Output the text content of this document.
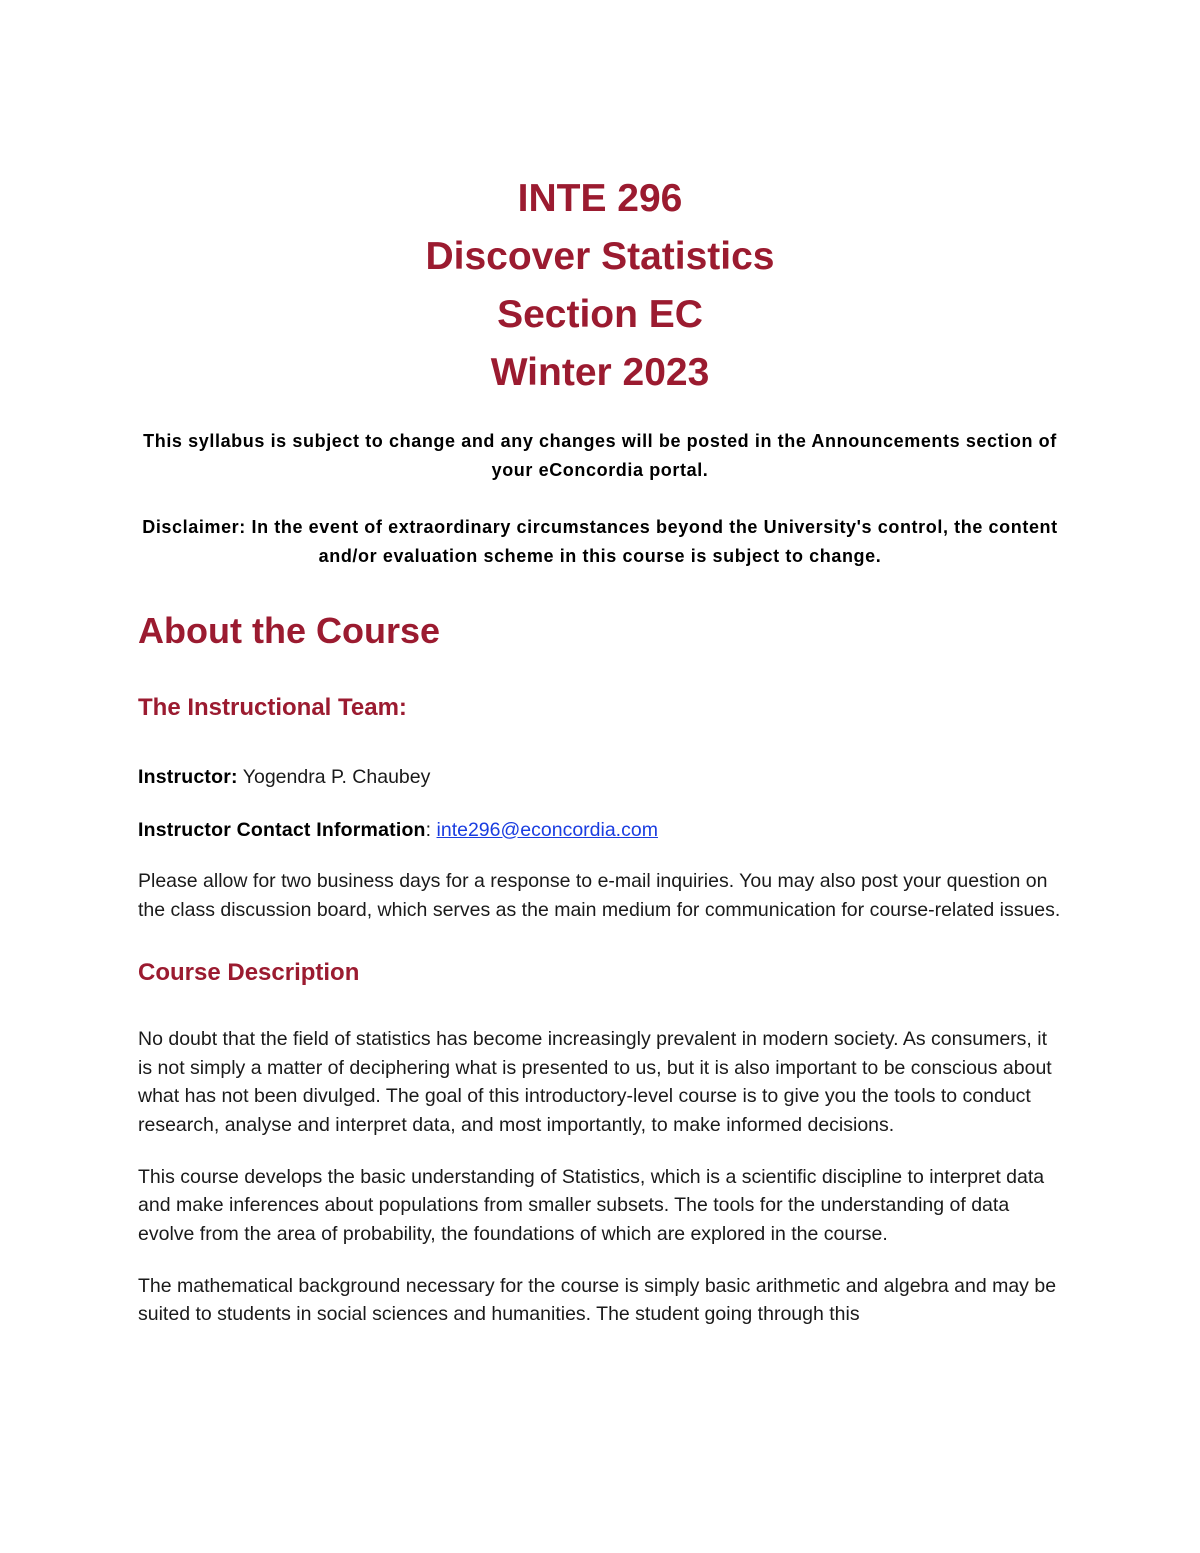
INTE 296
Discover Statistics
Section EC
Winter 2023

This syllabus is subject to change and any changes will be posted in the Announcements section of your eConcordia portal.

Disclaimer: In the event of extraordinary circumstances beyond the University's control, the content and/or evaluation scheme in this course is subject to change.

About the Course
The Instructional Team:

Instructor: Yogendra P. Chaubey

Instructor Contact Information: inte296@econcordia.com

Please allow for two business days for a response to e-mail inquiries. You may also post your question on the class discussion board, which serves as the main medium for communication for course-related issues.

Course Description

No doubt that the field of statistics has become increasingly prevalent in modern society. As consumers, it is not simply a matter of deciphering what is presented to us, but it is also important to be conscious about what has not been divulged. The goal of this introductory-level course is to give you the tools to conduct research, analyse and interpret data, and most importantly, to make informed decisions.

This course develops the basic understanding of Statistics, which is a scientific discipline to interpret data and make inferences about populations from smaller subsets. The tools for the understanding of data evolve from the area of probability, the foundations of which are explored in the course.

The mathematical background necessary for the course is simply basic arithmetic and algebra and may be suited to students in social sciences and humanities. The student going through this
